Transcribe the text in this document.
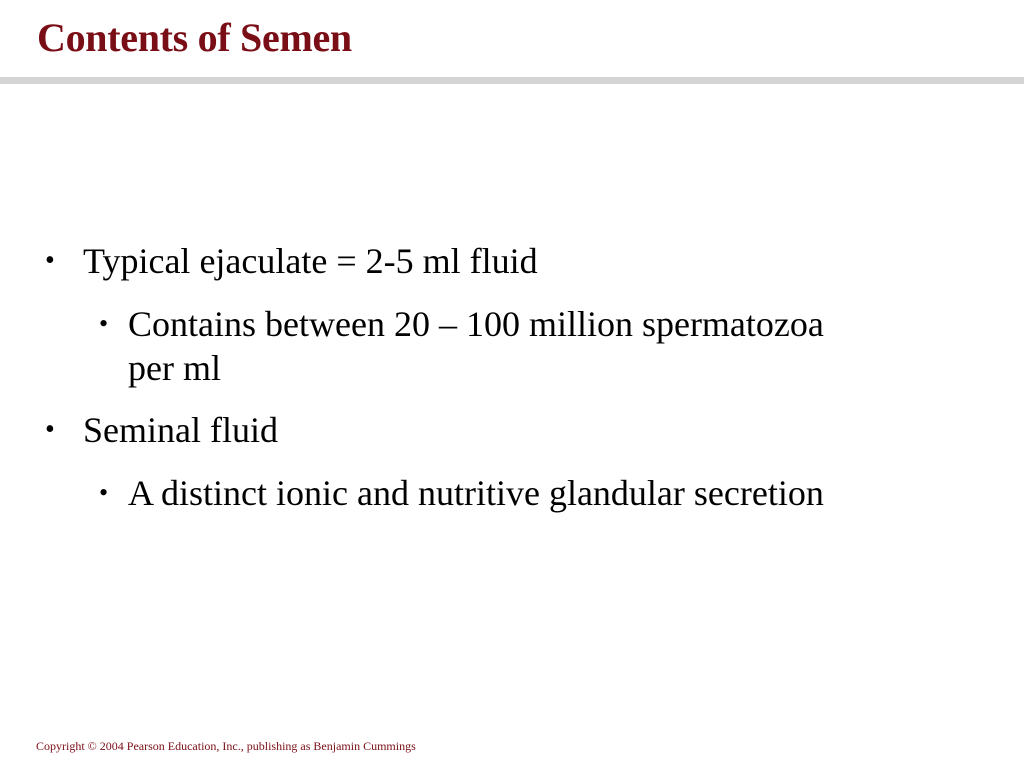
Contents of Semen
• Typical ejaculate = 2-5 ml fluid
• Contains between 20 – 100 million spermatozoa per ml
• Seminal fluid
• A distinct ionic and nutritive glandular secretion
Copyright © 2004 Pearson Education, Inc., publishing as Benjamin Cummings
